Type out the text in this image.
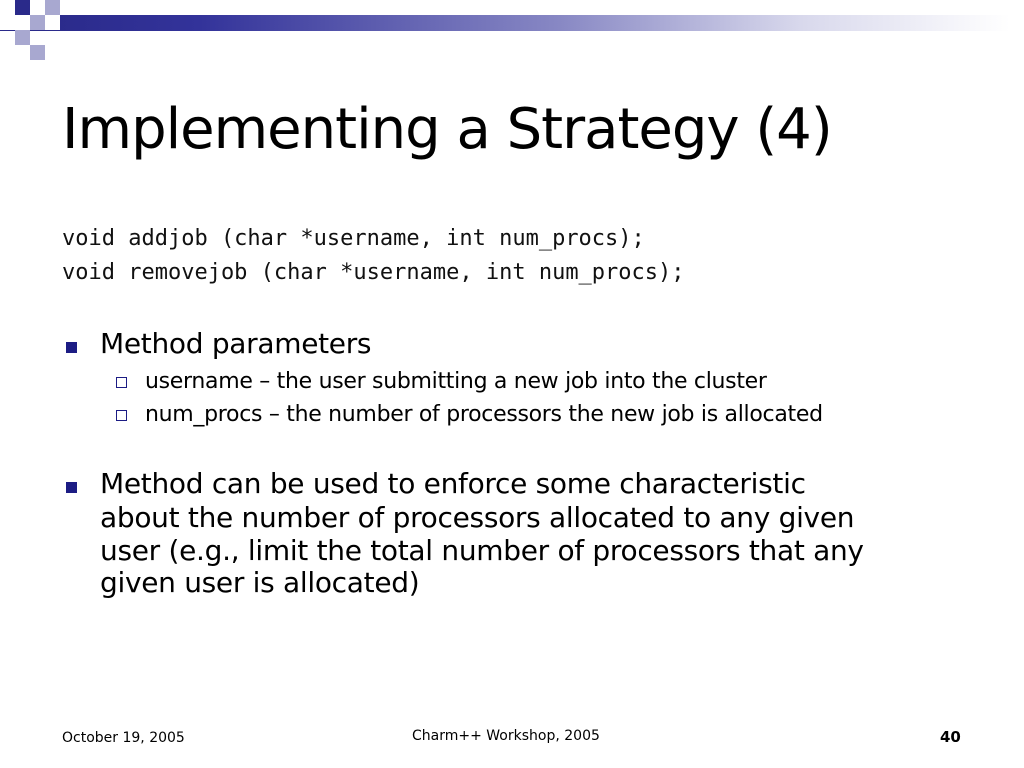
Implementing a Strategy (4)
void addjob (char *username, int num_procs);
void removejob (char *username, int num_procs);
Method parameters
username – the user submitting a new job into the cluster
num_procs – the number of processors the new job is allocated
Method can be used to enforce some characteristic
about the number of processors allocated to any given
user (e.g., limit the total number of processors that any
given user is allocated)
October 19, 2005	Charm++ Workshop, 2005	40
